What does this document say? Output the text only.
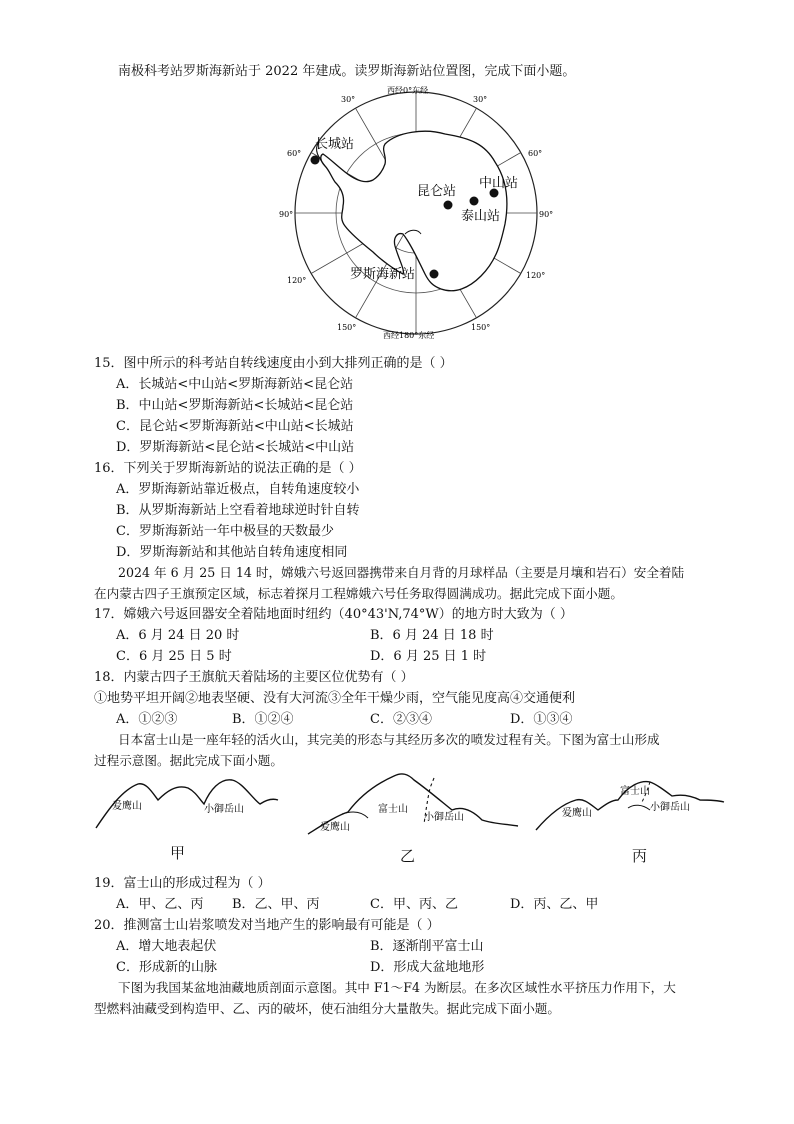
南极科考站罗斯海新站于 2022 年建成。读罗斯海新站位置图，完成下面小题。
西经0°东经
30°	30°
60°	60°
90°	90°
120°
120°
150°	150°
西经180°东经
长城站
昆仑站
泰山站
中山站
罗斯海新站
15．图中所示的科考站自转线速度由小到大排列正确的是（ ）
A．长城站<中山站<罗斯海新站<昆仑站
B．中山站<罗斯海新站<长城站<昆仑站
C．昆仑站<罗斯海新站<中山站<长城站
D．罗斯海新站<昆仑站<长城站<中山站
16．下列关于罗斯海新站的说法正确的是（ ）
A．罗斯海新站靠近极点，自转角速度较小
B．从罗斯海新站上空看着地球逆时针自转
C．罗斯海新站一年中极昼的天数最少
D．罗斯海新站和其他站自转角速度相同
2024 年 6 月 25 日 14 时，嫦娥六号返回器携带来自月背的月球样品（主要是月壤和岩石）安全着陆
在内蒙古四子王旗预定区域，标志着探月工程嫦娥六号任务取得圆满成功。据此完成下面小题。
17．嫦娥六号返回器安全着陆地面时纽约（40°43'N,74°W）的地方时大致为（ ）
A．6 月 24 日 20 时	B．6 月 24 日 18 时
C．6 月 25 日 5 时	D．6 月 25 日 1 时
18．内蒙古四子王旗航天着陆场的主要区位优势有（ ）
①地势平坦开阔②地表坚硬、没有大河流③全年干燥少雨，空气能见度高④交通便利
A．①②③	B．①②④	C．②③④	D．①③④
日本富士山是一座年轻的活火山，其完美的形态与其经历多次的喷发过程有关。下图为富士山形成
过程示意图。据此完成下面小题。
爱鹰山	小御岳山
甲
富士山
爱鹰山
小御岳山
乙
爱鹰山
富士山
小御岳山
丙
19．富士山的形成过程为（ ）
A．甲、乙、丙 B．乙、甲、丙	C．甲、丙、乙	D．丙、乙、甲
20．推测富士山岩浆喷发对当地产生的影响最有可能是（ ）
A．增大地表起伏	B．逐渐削平富士山
C．形成新的山脉	D．形成大盆地地形
下图为我国某盆地油藏地质剖面示意图。其中 F1～F4 为断层。在多次区域性水平挤压力作用下，大
型燃料油藏受到构造甲、乙、丙的破坏，使石油组分大量散失。据此完成下面小题。
